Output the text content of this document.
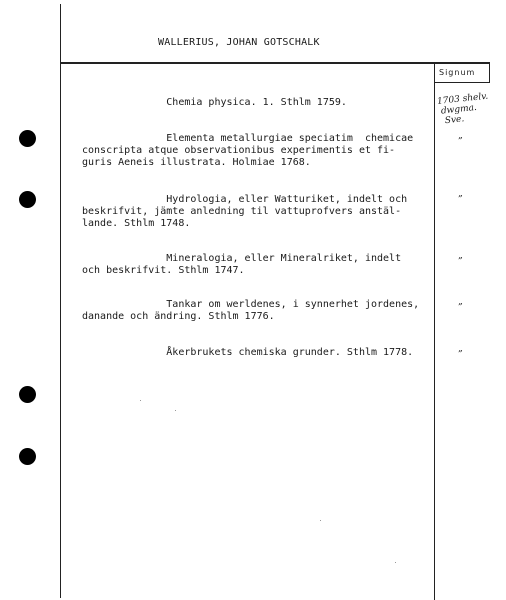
WALLERIUS, JOHAN GOTSCHALK
Signum
1703 shelv.
dwgma.
Sve.
Chemia physica. 1. Sthlm 1759.
Elementa metallurgiae speciatim  chemicae
conscripta atque observationibus experimentis et fi-
guris Aeneis illustrata. Holmiae 1768.
”
Hydrologia, eller Watturiket, indelt och
beskrifvit, jämte anledning til vattuprofvers anstäl-
lande. Sthlm 1748.
”
Mineralogia, eller Mineralriket, indelt
och beskrifvit. Sthlm 1747.
”
Tankar om werldenes, i synnerhet jordenes,
danande och ändring. Sthlm 1776.
”
Åkerbrukets chemiska grunder. Sthlm 1778.	”
